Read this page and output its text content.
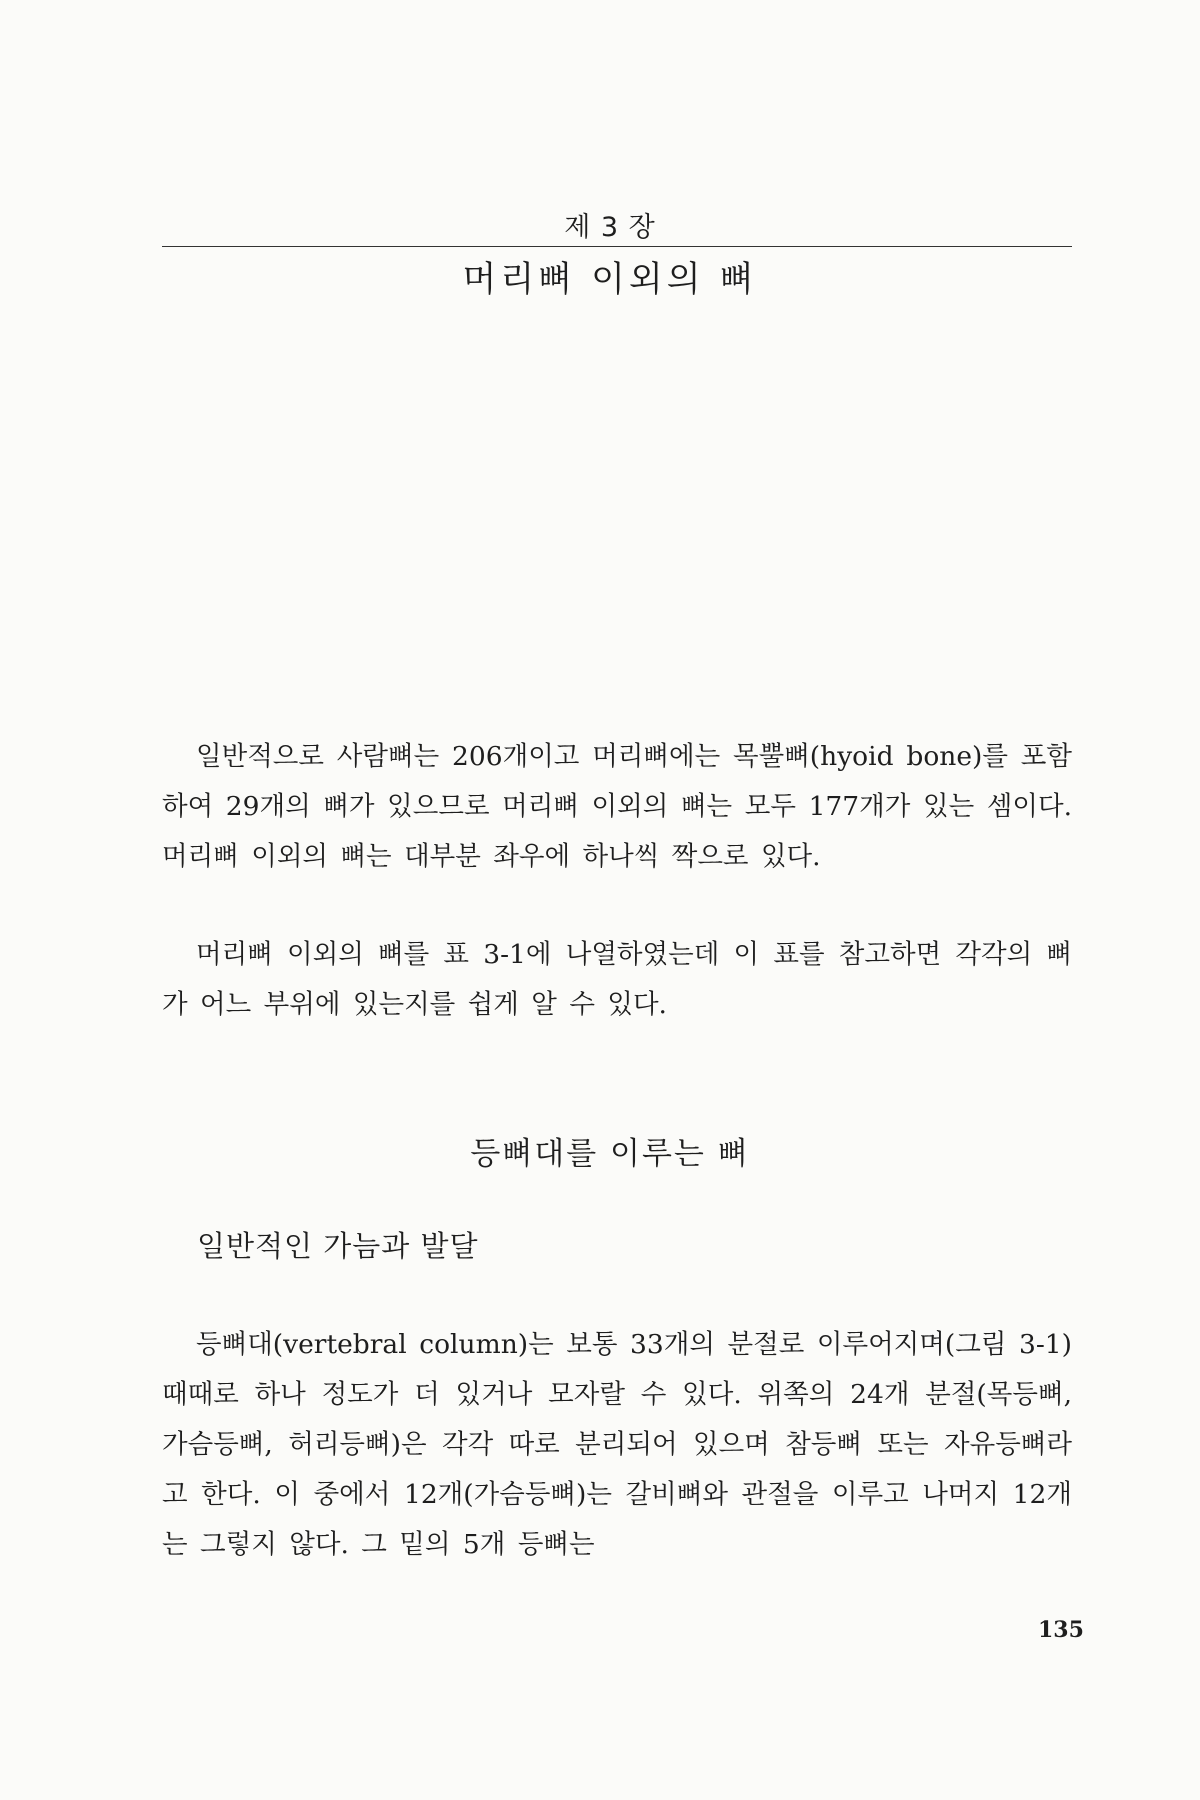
제 3 장
머리뼈 이외의 뼈

일반적으로 사람뼈는 206개이고 머리뼈에는 목뿔뼈(hyoid bone)를 포함하여 29개의 뼈가 있으므로 머리뼈 이외의 뼈는 모두 177개가 있는 셈이다. 머리뼈 이외의 뼈는 대부분 좌우에 하나씩 짝으로 있다.

머리뼈 이외의 뼈를 표 3-1에 나열하였는데 이 표를 참고하면 각각의 뼈가 어느 부위에 있는지를 쉽게 알 수 있다.

등뼈대를 이루는 뼈
일반적인 가늠과 발달

등뼈대(vertebral column)는 보통 33개의 분절로 이루어지며(그림 3-1) 때때로 하나 정도가 더 있거나 모자랄 수 있다. 위쪽의 24개 분절(목등뼈, 가슴등뼈, 허리등뼈)은 각각 따로 분리되어 있으며 참등뼈 또는 자유등뼈라고 한다. 이 중에서 12개(가슴등뼈)는 갈비뼈와 관절을 이루고 나머지 12개는 그렇지 않다. 그 밑의 5개 등뼈는

135
